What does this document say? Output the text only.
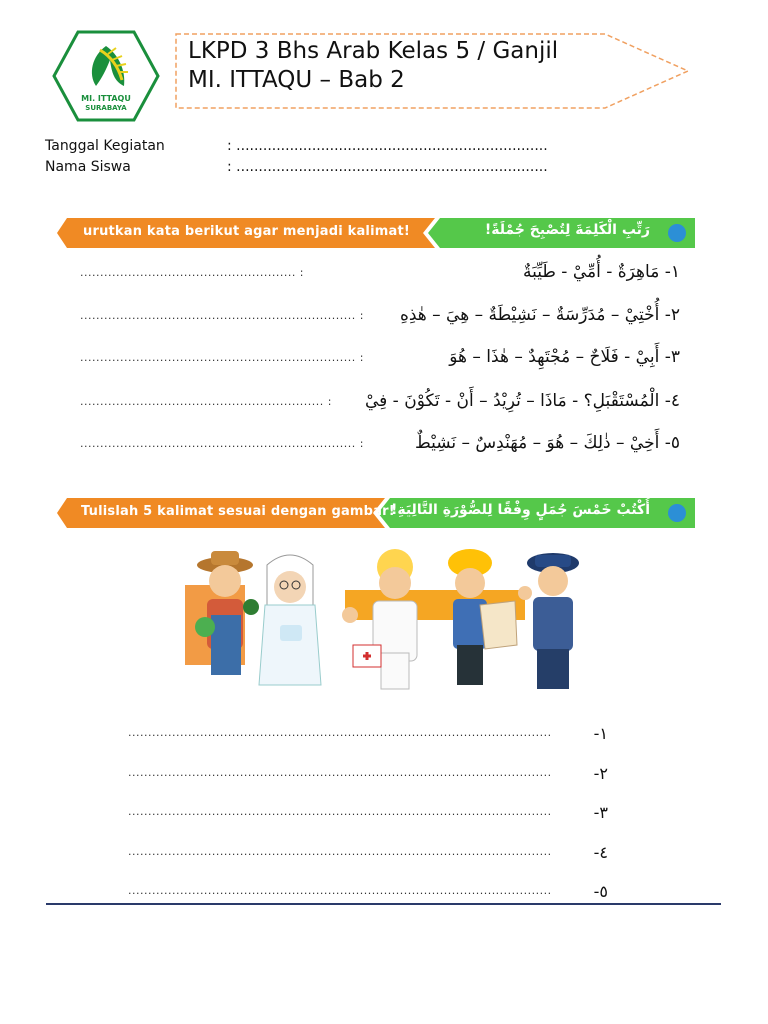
MI. ITTAQU
SURABAYA
LKPD 3 Bhs Arab Kelas 5 / Ganjil
MI. ITTAQU – Bab 2
Tanggal Kegiatan	: ......................................................................
Nama Siswa	: ......................................................................
urutkan kata berikut agar menjadi kalimat!	رَتِّبِ الْكَلِمَةَ لِتُصْبِحَ جُمْلَةً!
...................................................... :	١- مَاهِرَةٌ - أُمِّيْ - طَيِّبَةٌ
..................................................................... :	٢- أُخْتِيْ – مُدَرِّسَةٌ – نَشِيْطَةٌ – هِيَ – هٰذِهِ
..................................................................... :	٣- أَبِيْ - فَلَاحٌ – مُجْتَهِدٌ – هٰذَا – هُوَ
............................................................. : ٤- الْمُسْتَقْبَلِ؟ - مَاذَا – تُرِيْدُ – أَنْ - تَكُوْنَ - فِيْ
..................................................................... :	٥- أَخِيْ – ذٰلِكَ – هُوَ – مُهَنْدِسٌ – نَشِيْطٌ
Tulislah 5 kalimat sesuai dengan gambar!
أُكْتُبْ خَمْسَ جُمَلٍ وِفْقًا لِلصُّوْرَةِ التَّالِيَةِ!
..........................................................................................................	١-
..........................................................................................................	٢-
..........................................................................................................	٣-
..........................................................................................................	٤-
..........................................................................................................	٥-
